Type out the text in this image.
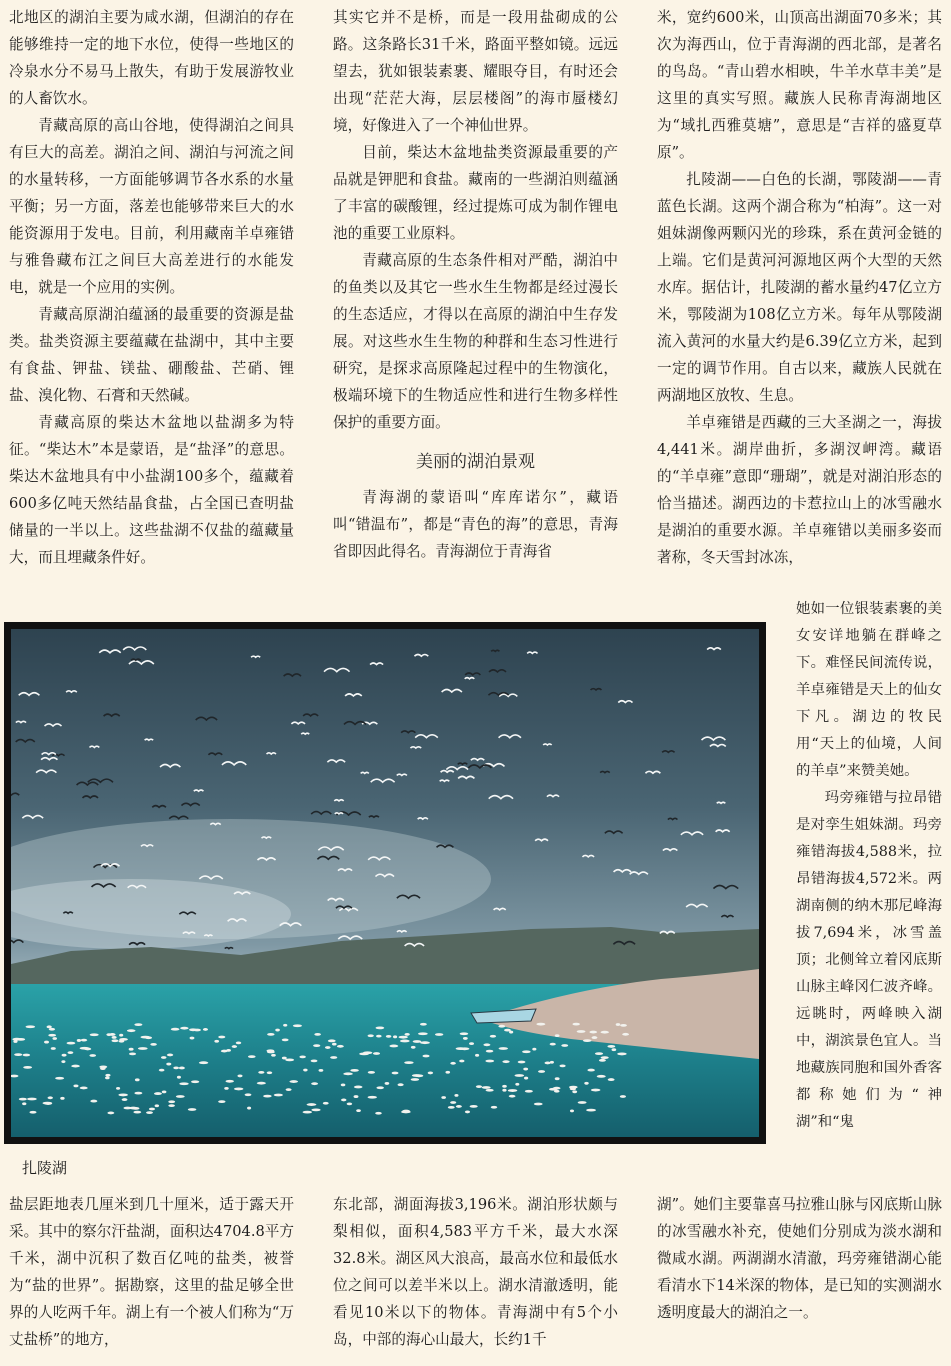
北地区的湖泊主要为咸水湖，但湖泊的存在能够维持一定的地下水位，使得一些地区的冷泉水分不易马上散失，有助于发展游牧业的人畜饮水。

青藏高原的高山谷地，使得湖泊之间具有巨大的高差。湖泊之间、湖泊与河流之间的水量转移，一方面能够调节各水系的水量平衡；另一方面，落差也能够带来巨大的水能资源用于发电。目前，利用藏南羊卓雍错与雅鲁藏布江之间巨大高差进行的水能发电，就是一个应用的实例。

青藏高原湖泊蕴涵的最重要的资源是盐类。盐类资源主要蕴藏在盐湖中，其中主要有食盐、钾盐、镁盐、硼酸盐、芒硝、锂盐、溴化物、石膏和天然碱。

青藏高原的柴达木盆地以盐湖多为特征。“柴达木”本是蒙语，是“盐泽”的意思。柴达木盆地具有中小盐湖100多个，蕴藏着600多亿吨天然结晶食盐，占全国已查明盐储量的一半以上。这些盐湖不仅盐的蕴藏量大，而且埋藏条件好。

其实它并不是桥，而是一段用盐砌成的公路。这条路长31千米，路面平整如镜。远远望去，犹如银装素裹、耀眼夺目，有时还会出现“茫茫大海，层层楼阁”的海市蜃楼幻境，好像进入了一个神仙世界。

目前，柴达木盆地盐类资源最重要的产品就是钾肥和食盐。藏南的一些湖泊则蕴涵了丰富的碳酸锂，经过提炼可成为制作锂电池的重要工业原料。

青藏高原的生态条件相对严酷，湖泊中的鱼类以及其它一些水生生物都是经过漫长的生态适应，才得以在高原的湖泊中生存发展。对这些水生生物的种群和生态习性进行研究，是探求高原隆起过程中的生物演化，极端环境下的生物适应性和进行生物多样性保护的重要方面。

美丽的湖泊景观

青海湖的蒙语叫“库库诺尔”，藏语叫“错温布”，都是“青色的海”的意思，青海省即因此得名。青海湖位于青海省

米，宽约600米，山顶高出湖面70多米；其次为海西山，位于青海湖的西北部，是著名的鸟岛。“青山碧水相映，牛羊水草丰美”是这里的真实写照。藏族人民称青海湖地区为“域扎西雅莫塘”，意思是“吉祥的盛夏草原”。

扎陵湖——白色的长湖，鄂陵湖——青蓝色长湖。这两个湖合称为“柏海”。这一对姐妹湖像两颗闪光的珍珠，系在黄河金链的上端。它们是黄河河源地区两个大型的天然水库。据估计，扎陵湖的蓄水量约47亿立方米，鄂陵湖为108亿立方米。每年从鄂陵湖流入黄河的水量大约是6.39亿立方米，起到一定的调节作用。自古以来，藏族人民就在两湖地区放牧、生息。

羊卓雍错是西藏的三大圣湖之一，海拔4,441米。湖岸曲折，多湖汊岬湾。藏语的“羊卓雍”意即“珊瑚”，就是对湖泊形态的恰当描述。湖西边的卡惹拉山上的冰雪融水是湖泊的重要水源。羊卓雍错以美丽多姿而著称，冬天雪封冰冻，

她如一位银装素裹的美女安详地躺在群峰之下。难怪民间流传说，羊卓雍错是天上的仙女下凡。湖边的牧民用“天上的仙境，人间的羊卓”来赞美她。

玛旁雍错与拉昂错是对孪生姐妹湖。玛旁雍错海拔4,588米，拉昂错海拔4,572米。两湖南侧的纳木那尼峰海拔7,694米，冰雪盖顶；北侧耸立着冈底斯山脉主峰冈仁波齐峰。远眺时，两峰映入湖中，湖滨景色宜人。当地藏族同胞和国外香客都称她们为“神湖”和“鬼

扎陵湖

盐层距地表几厘米到几十厘米，适于露天开采。其中的察尔汗盐湖，面积达4704.8平方千米，湖中沉积了数百亿吨的盐类，被誉为“盐的世界”。据勘察，这里的盐足够全世界的人吃两千年。湖上有一个被人们称为“万丈盐桥”的地方，

东北部，湖面海拔3,196米。湖泊形状颇与梨相似，面积4,583平方千米，最大水深32.8米。湖区风大浪高，最高水位和最低水位之间可以差半米以上。湖水清澈透明，能看见10米以下的物体。青海湖中有5个小岛，中部的海心山最大，长约1千

湖”。她们主要靠喜马拉雅山脉与冈底斯山脉的冰雪融水补充，使她们分别成为淡水湖和微咸水湖。两湖湖水清澈，玛旁雍错湖心能看清水下14米深的物体，是已知的实测湖水透明度最大的湖泊之一。
